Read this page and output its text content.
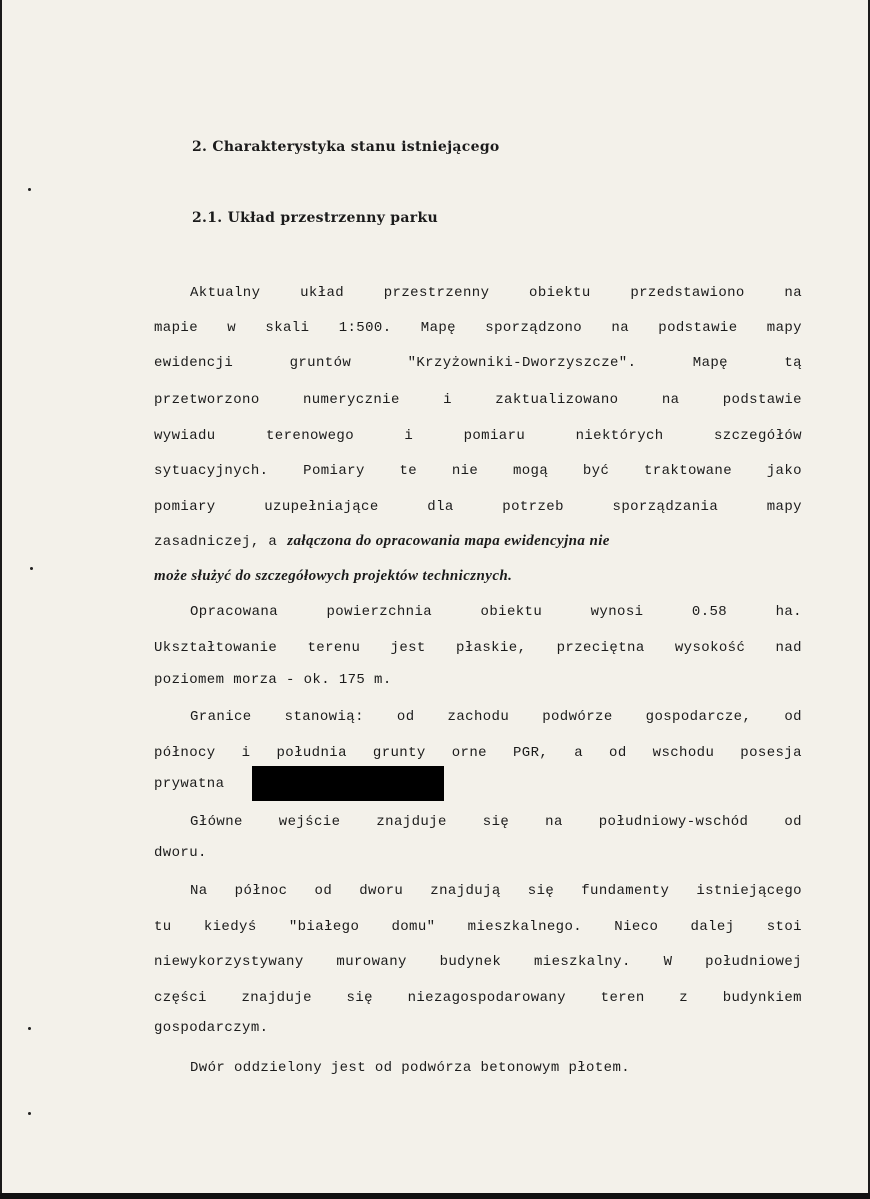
2. Charakterystyka stanu istniejącego
2.1. Układ przestrzenny parku
Aktualny	układ	przestrzenny	obiektu	przedstawiono	na
mapie w skali 1:500. Mapę sporządzono na podstawie mapy
ewidencji	gruntów	"Krzyżowniki-Dworzyszcze".	Mapę	tą
przetworzono	numerycznie	i	zaktualizowano	na	podstawie
wywiadu	terenowego	i	pomiaru	niektórych	szczegółów
sytuacyjnych. Pomiary te nie mogą być traktowane jako
pomiary	uzupełniające	dla	potrzeb	sporządzania	mapy
zasadniczej, a załączona do opracowania mapa ewidencyjna nie
może służyć do szczegółowych projektów technicznych.
Opracowana	powierzchnia	obiektu	wynosi	0.58	ha.
Ukształtowanie terenu jest płaskie, przeciętna wysokość nad
poziomem morza - ok. 175 m.
Granice stanowią: od zachodu podwórze gospodarcze, od
północy i południa grunty orne PGR, a od wschodu posesja
prywatna
Główne	wejście	znajduje	się	na	południowy-wschód	od
dworu.
Na północ od dworu znajdują się fundamenty istniejącego
tu kiedyś "białego domu" mieszkalnego. Nieco dalej stoi
niewykorzystywany murowany budynek mieszkalny. W południowej
części znajduje się niezagospodarowany teren z budynkiem
gospodarczym.
Dwór oddzielony jest od podwórza betonowym płotem.
